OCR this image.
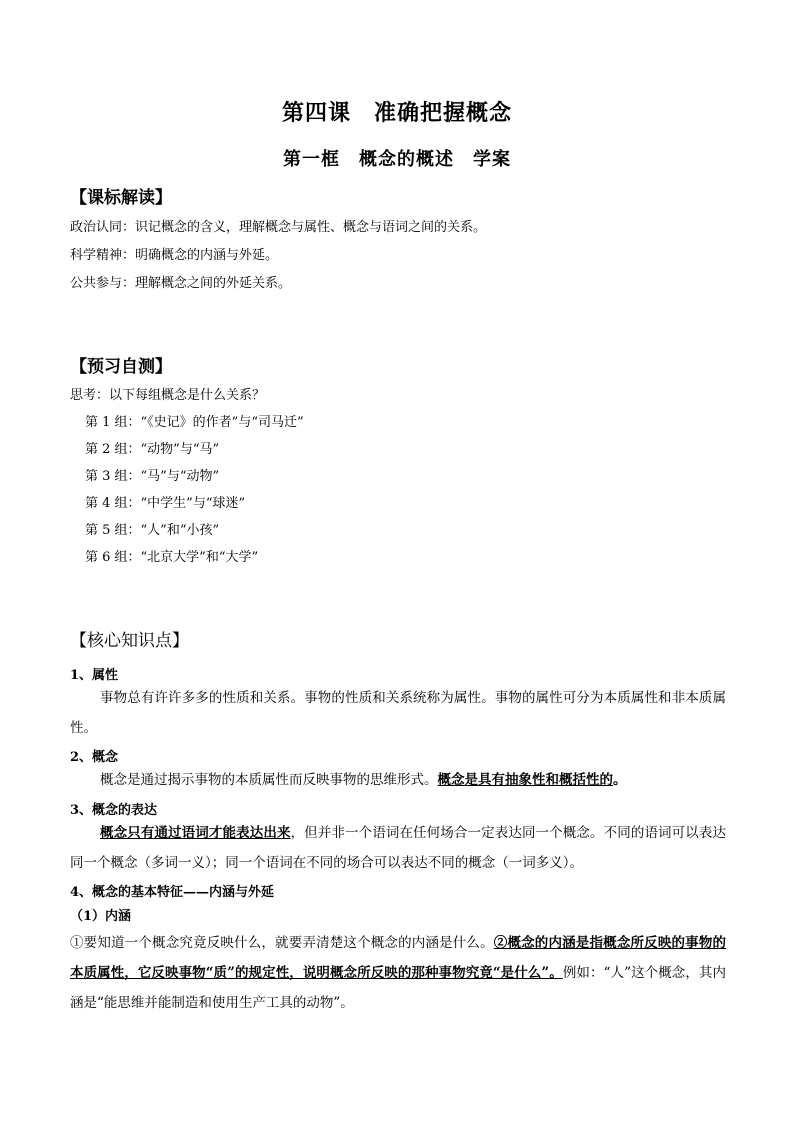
第四课　准确把握概念
第一框　概念的概述　学案
【课标解读】
政治认同：识记概念的含义，理解概念与属性、概念与语词之间的关系。
科学精神：明确概念的内涵与外延。
公共参与：理解概念之间的外延关系。
【预习自测】
思考：以下每组概念是什么关系？
第 1 组：“《史记》的作者”与“司马迁”
第 2 组：“动物”与“马”
第 3 组：“马”与“动物”
第 4 组：“中学生”与“球迷”
第 5 组：“人”和“小孩”
第 6 组：“北京大学”和“大学”
【核心知识点】
1、属性
事物总有许许多多的性质和关系。事物的性质和关系统称为属性。事物的属性可分为本质属性和非本质属性。
2、概念
概念是通过揭示事物的本质属性而反映事物的思维形式。概念是具有抽象性和概括性的。
3、概念的表达
概念只有通过语词才能表达出来，但并非一个语词在任何场合一定表达同一个概念。不同的语词可以表达同一个概念（多词一义）；同一个语词在不同的场合可以表达不同的概念（一词多义）。
4、概念的基本特征——内涵与外延
（1）内涵
①要知道一个概念究竟反映什么，就要弄清楚这个概念的内涵是什么。②概念的内涵是指概念所反映的事物的本质属性，它反映事物“质”的规定性，说明概念所反映的那种事物究竟“是什么”。例如：“人”这个概念，其内涵是“能思维并能制造和使用生产工具的动物”。
